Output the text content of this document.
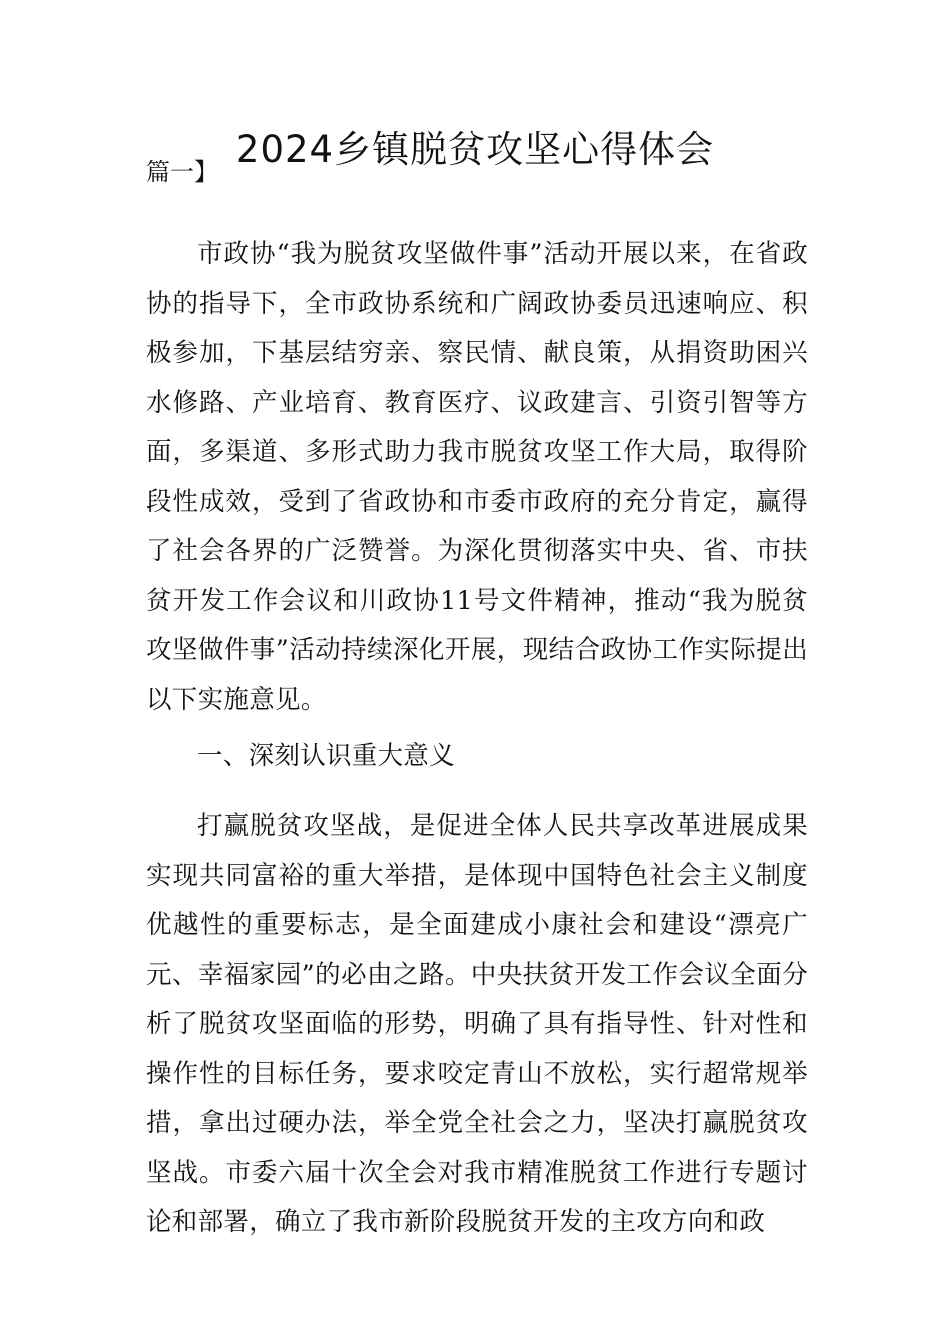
2024乡镇脱贫攻坚心得体会
篇一】

市政协“我为脱贫攻坚做件事”活动开展以来，在省政协的指导下，全市政协系统和广阔政协委员迅速响应、积极参加，下基层结穷亲、察民情、献良策，从捐资助困兴水修路、产业培育、教育医疗、议政建言、引资引智等方面，多渠道、多形式助力我市脱贫攻坚工作大局，取得阶段性成效，受到了省政协和市委市政府的充分肯定，赢得了社会各界的广泛赞誉。为深化贯彻落实中央、省、市扶贫开发工作会议和川政协11号文件精神，推动“我为脱贫攻坚做件事”活动持续深化开展，现结合政协工作实际提出以下实施意见。

一、深刻认识重大意义

打赢脱贫攻坚战，是促进全体人民共享改革进展成果实现共同富裕的重大举措，是体现中国特色社会主义制度优越性的重要标志，是全面建成小康社会和建设“漂亮广元、幸福家园”的必由之路。中央扶贫开发工作会议全面分析了脱贫攻坚面临的形势，明确了具有指导性、针对性和操作性的目标任务，要求咬定青山不放松，实行超常规举措，拿出过硬办法，举全党全社会之力，坚决打赢脱贫攻坚战。市委六届十次全会对我市精准脱贫工作进行专题讨论和部署，确立了我市新阶段脱贫开发的主攻方向和政
